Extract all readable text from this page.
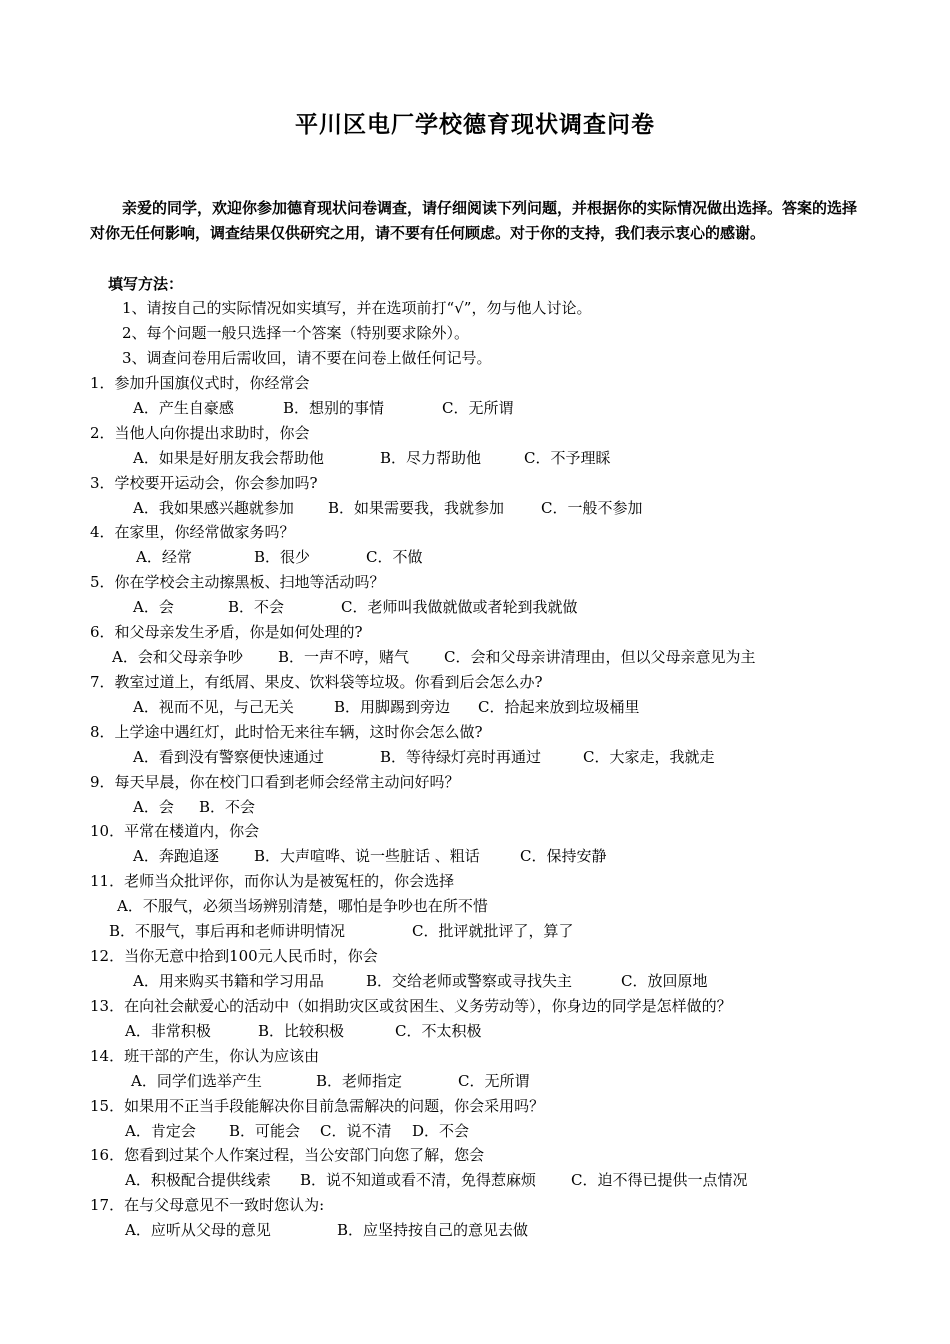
平川区电厂学校德育现状调查问卷

亲爱的同学，欢迎你参加德育现状问卷调查，请仔细阅读下列问题，并根据你的实际情况做出选择。答案的选择对你无任何影响，调查结果仅供研究之用，请不要有任何顾虑。对于你的支持，我们表示衷心的感谢。

填写方法：
1、请按自己的实际情况如实填写，并在选项前打“√”，勿与他人讨论。
2、每个问题一般只选择一个答案（特别要求除外）。
3、调查问卷用后需收回，请不要在问卷上做任何记号。
1．参加升国旗仪式时，你经常会
A．产生自豪感	B．想别的事情	C．无所谓
2．当他人向你提出求助时，你会
A．如果是好朋友我会帮助他	B．尽力帮助他	C．不予理睬
3．学校要开运动会，你会参加吗?
A．我如果感兴趣就参加 B．如果需要我，我就参加 C．一般不参加
4．在家里，你经常做家务吗？
A．经常	B．很少	C．不做
5．你在学校会主动擦黑板、扫地等活动吗？
A．会	B．不会	C．老师叫我做就做或者轮到我就做
6．和父母亲发生矛盾，你是如何处理的?
A．会和父母亲争吵 B．一声不哼，赌气 C．会和父母亲讲清理由，但以父母亲意见为主
7．教室过道上，有纸屑、果皮、饮料袋等垃圾。你看到后会怎么办?
A．视而不见，与己无关	B．用脚踢到旁边 C．拾起来放到垃圾桶里
8．上学途中遇红灯，此时恰无来往车辆，这时你会怎么做?
A．看到没有警察便快速通过	B．等待绿灯亮时再通过	C．大家走，我就走
9．每天早晨，你在校门口看到老师会经常主动问好吗？
A．会 B．不会
10．平常在楼道内，你会
A．奔跑追逐 B．大声喧哗、说一些脏话 、粗话	C．保持安静
11．老师当众批评你，而你认为是被冤枉的，你会选择
A．不服气，必须当场辨别清楚，哪怕是争吵也在所不惜
B．不服气，事后再和老师讲明情况	C．批评就批评了，算了
12．当你无意中拾到100元人民币时，你会
A．用来购买书籍和学习用品	B．交给老师或警察或寻找失主	C．放回原地
13．在向社会献爱心的活动中（如捐助灾区或贫困生、义务劳动等），你身边的同学是怎样做的？
A．非常积极	B．比较积极	C．不太积极
14．班干部的产生，你认为应该由
A．同学们选举产生	B．老师指定	C．无所谓
15．如果用不正当手段能解决你目前急需解决的问题，你会采用吗？
A．肯定会 B．可能会 C．说不清 D．不会
16．您看到过某个人作案过程，当公安部门向您了解，您会
A．积极配合提供线索 B．说不知道或看不清，免得惹麻烦 C．迫不得已提供一点情况
17．在与父母意见不一致时您认为:
A．应听从父母的意见	B．应坚持按自己的意见去做
